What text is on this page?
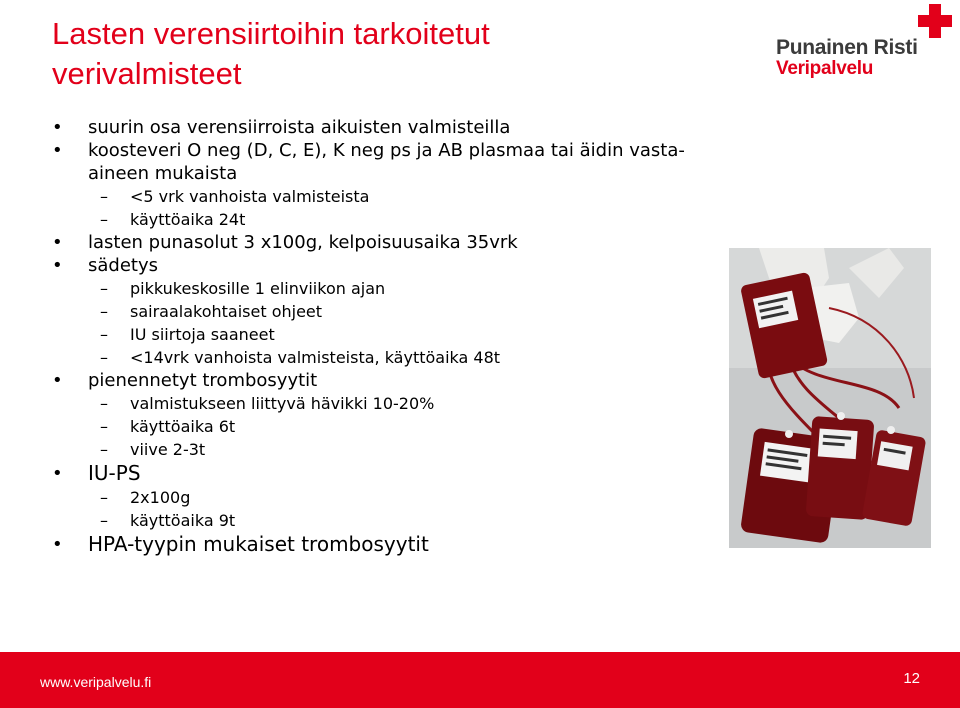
Lasten verensiirtoihin tarkoitetut
verivalmisteet
Punainen Risti
Veripalvelu
•	suurin osa verensiirroista aikuisten valmisteilla
•	koosteveri O neg (D, C, E), K neg ps ja AB plasmaa tai äidin vasta-aineen mukaista
–	<5 vrk vanhoista valmisteista
–	käyttöaika 24t
•	lasten punasolut 3 x100g, kelpoisuusaika 35vrk
•	sädetys
–	pikkukeskosille 1 elinviikon ajan
–	sairaalakohtaiset ohjeet
–	IU siirtoja saaneet
–	<14vrk vanhoista valmisteista, käyttöaika 48t
•	pienennetyt trombosyytit
–	valmistukseen liittyvä hävikki 10-20%
–	käyttöaika 6t
–	viive 2-3t
•	IU-PS
–	2x100g
–	käyttöaika 9t
•	HPA-tyypin mukaiset trombosyytit
www.veripalvelu.fi	12
